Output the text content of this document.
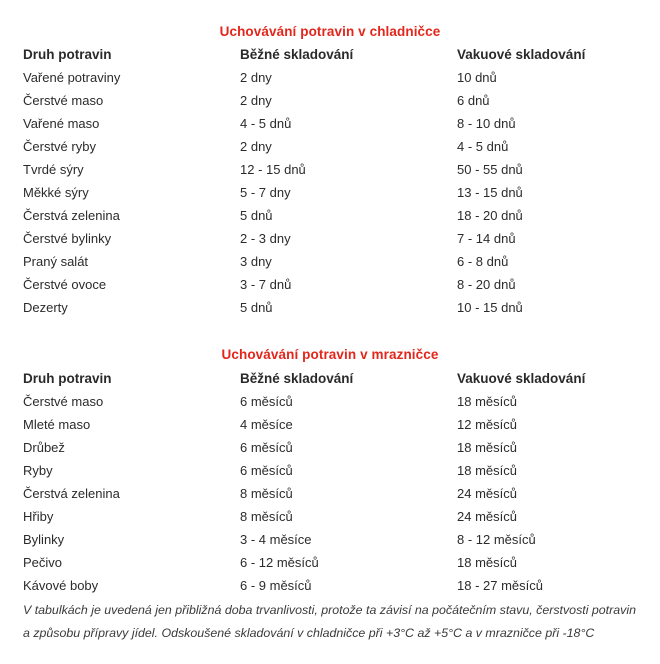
Uchovávání potravin v chladničce
Druh potravin	Běžné skladování	Vakuové skladování
Vařené potraviny	2 dny	10 dnů
Čerstvé maso	2 dny	6 dnů
Vařené maso	4 - 5 dnů	8 - 10 dnů
Čerstvé ryby	2 dny	4 - 5 dnů
Tvrdé sýry	12 - 15 dnů	50 - 55 dnů
Měkké sýry	5 - 7 dny	13 - 15 dnů
Čerstvá zelenina	5 dnů	18 - 20 dnů
Čerstvé bylinky	2 - 3 dny	7 - 14 dnů
Praný salát	3 dny	6 - 8 dnů
Čerstvé ovoce	3 - 7 dnů	8 - 20 dnů
Dezerty	5 dnů	10 - 15 dnů
Uchovávání potravin v mrazničce
Druh potravin	Běžné skladování	Vakuové skladování
Čerstvé maso	6 měsíců	18 měsíců
Mleté maso	4 měsíce	12 měsíců
Drůbež	6 měsíců	18 měsíců
Ryby	6 měsíců	18 měsíců
Čerstvá zelenina	8 měsíců	24 měsíců
Hřiby	8 měsíců	24 měsíců
Bylinky	3 - 4 měsíce	8 - 12 měsíců
Pečivo	6 - 12 měsíců	18 měsíců
Kávové boby	6 - 9 měsíců	18 - 27 měsíců
V tabulkách je uvedená jen přibližná doba trvanlivosti, protože ta závisí na počátečním stavu, čerstvosti potravin a způsobu přípravy jídel. Odskoušené skladování v chladničce při +3°C až +5°C a v mrazničce při -18°C
